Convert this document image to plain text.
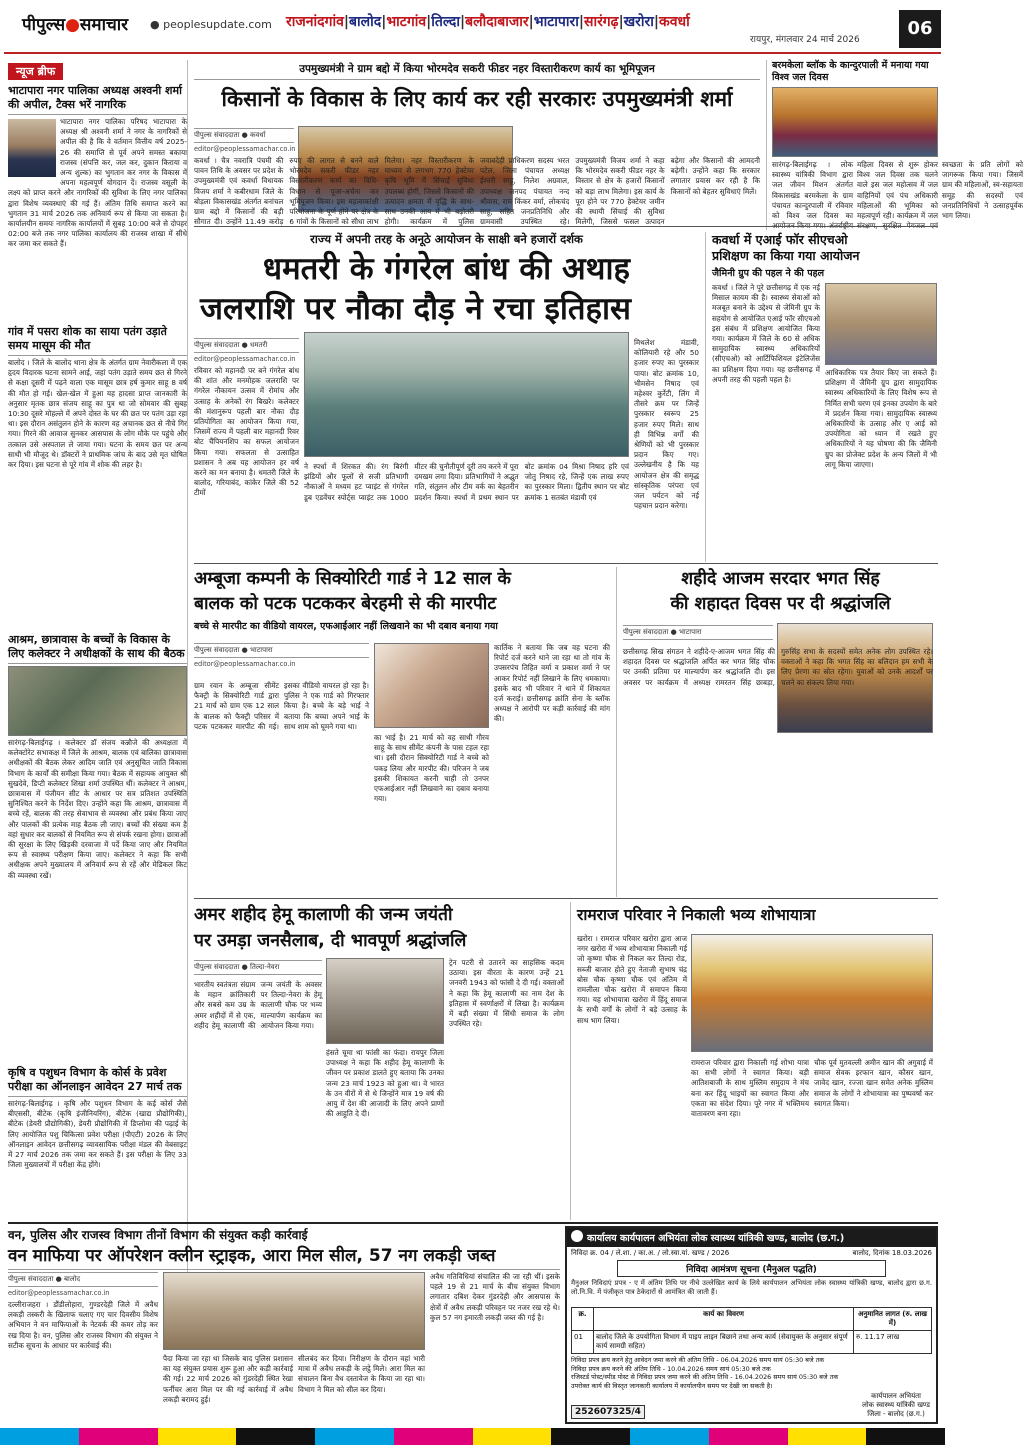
पीपुल्स●समाचार ● peoplesupdate.com राजनांदगांव|बालोद|भाटगांव|तिल्दा|बलौदाबाजार|भाटापारा|सारंगढ़|खरोरा|कवर्धा
रायपुर, मंगलवार 24 मार्च 2026
06
न्यूज ब्रीफ
भाटापारा नगर पालिका अध्यक्ष अश्वनी शर्मा की अपील, टैक्स भरें नागरिक
भाटापारा नगर पालिका परिषद भाटापारा के अध्यक्ष श्री अश्वनी शर्मा ने नगर के नागरिकों से अपील की है कि वे वर्तमान वित्तीय वर्ष 2025-26 की समाप्ति से पूर्व अपने समस्त बकाया राजस्व (संपत्ति कर, जल कर, दुकान किराया व अन्य शुल्क) का भुगतान कर नगर के विकास में अपना महत्वपूर्ण योगदान दें। राजस्व वसूली के लक्ष्य को प्राप्त करने और नागरिकों की सुविधा के लिए नगर पालिका द्वारा विशेष व्यवस्थाएं की गई हैं। अंतिम तिथि समाप्त करने का भुगतान 31 मार्च 2026 तक अनिवार्य रूप से किया जा सकता है। कार्यालयीन समयः नागरिक कार्यालयों में सुबह 10:00 बजे से दोपहर 02:00 बजे तक नगर पालिका कार्यालय की राजस्व शाखा में सीधे कर जमा कर सकते हैं।
गांव में पसरा शोक का साया पतंग उड़ाते समय मासूम की मौत
बालोद । जिले के बालोद थाना क्षेत्र के अंतर्गत ग्राम नेवारीकला में एक हृदय विदारक घटना सामने आई, जहां पतंग उड़ाते समय छत से गिरने से कक्षा दूसरी में पढ़ने वाला एक मासूम छात्र हर्ष कुमार साहू 8 वर्ष की मौत हो गई। खेल-खेल में हुआ यह हादसा प्राप्त जानकारी के अनुसार मृतक छात्र संजय साहू का पुत्र था जो सोमवार की सुबह 10:30 दूसरे मोहल्ले में अपने दोस्त के घर की छत पर पतंग उड़ा रहा था। इस दौरान असंतुलन होने के कारण वह अचानक छत से नीचे गिर गया। गिरने की आवाज सुनकर आसपास के लोग मौके पर पहुंचे और तत्काल उसे अस्पताल ले जाया गया। घटना के समय छत पर अन्य साथी भी मौजूद थे। डॉक्टरों ने प्राथमिक जांच के बाद उसे मृत घोषित कर दिया। इस घटना से पूरे गांव में शोक की लहर है।
आश्रम, छात्रावास के बच्चों के विकास के लिए कलेक्टर ने अधीक्षकों के साथ की बैठक
सारंगढ़-बिलाईगढ़ । कलेक्टर डॉ संजय कन्नौजे की अध्यक्षता में कलेक्टोरेट सभाकक्ष में जिले के आश्रम, बालक एवं बालिका छात्रावास अधीक्षकों की बैठक लेकर आदिम जाति एवं अनुसूचित जाति विकास विभाग के कार्यों की समीक्षा किया गया। बैठक में सहायक आयुक्त श्री सुखदेवे, डिप्टी कलेक्टर शिखा शर्मा उपस्थित थीं। कलेक्टर ने आश्रम, छात्रावास में पंजीयन सीट के आधार पर सत्र प्रतिशत उपस्थिति सुनिश्चित करने के निर्देश दिए। उन्होंने कहा कि आश्रम, छात्रावास में बच्चे रहें, बालक की तरह सेवाभाव से व्यवस्था और प्रबंध किया जाए और पालकों की प्रत्येक माह बैठक ली जाए। बच्चों की संख्या कम है वहां सुधार कर बालकों से नियमित रूप से संपर्क रखना होगा। छात्राओं की सुरक्षा के लिए खिड़की दरवाजा में पर्दे किया जाए और नियमित रूप से स्वास्थ्य परीक्षण किया जाए। कलेक्टर ने कहा कि सभी अधीक्षक अपने मुख्यालय में अनिवार्य रूप से रहें और मेडिकल किट की व्यवस्था रखें।
कृषि व पशुधन विभाग के कोर्स के प्रवेश परीक्षा का ऑनलाइन आवेदन 27 मार्च तक
सारंगढ़-बिलाईगढ़ । कृषि और पशुधन विभाग के कई कोर्स जैसे बीएससी, बीटेक (कृषि इंजीनियरिंग), बीटेक (खाद्य प्रौद्योगिकी), बीटेक (डेयरी प्रौद्योगिकी), डेयरी प्रौद्योगिकी में डिप्लोमा की पढ़ाई के लिए आयोजित पशु चिकित्सा प्रवेश परीक्षा (पीएटी) 2026 के लिए ऑनलाइन आवेदन छत्तीसगढ़ व्यावसायिक परीक्षा मंडल की वेबसाइट में 27 मार्च 2026 तक जमा कर सकते हैं। इस परीक्षा के लिए 33 जिला मुख्यालयों में परीक्षा केंद्र होंगे।
उपमुख्यमंत्री ने ग्राम बद्दो में किया भोरमदेव सकरी फीडर नहर विस्तारीकरण कार्य का भूमिपूजन
किसानों के विकास के लिए कार्य कर रही सरकारः उपमुख्यमंत्री शर्मा
पीपुल्स संवाददाता ● कवर्धा
editor@peoplessamachar.co.in
कवर्धा । चैत्र नवरात्रि पंचमी की पावन तिथि के अवसर पर प्रदेश के उपमुख्यमंत्री एवं कवर्धा विधायक विजय शर्मा ने कबीरधाम जिले के बोड़ला विकासखंड अंतर्गत बनांचल ग्राम बद्दो में किसानों की बड़ी सौगात दी। उन्होंने 11.49 करोड़ रुपए की लागत से बनने वाले भोरमदेव सकरी फीडर नहर विस्तारीकरण कार्य का विधि-विधान से पूजा-अर्चना कर भूमिपूजन किया। इस महत्वाकांक्षी परियोजना के पूर्ण होने पर क्षेत्र के 6 गांवों के किसानों को सीधा लाभ मिलेगा। नहर विस्तारीकरण के माध्यम से लगभग 770 हेक्टेयर कृषि भूमि में सिंचाई सुविधा उपलब्ध होगी, जिससे किसानों की उत्पादन क्षमता में वृद्धि के साथ-साथ उनकी आय में भी बढ़ोतरी होगी। कार्यक्रम में पुलिस जवाबदेही प्राधिकरण सदस्य भरत पटेल, जिला पंचायत अध्यक्ष ईश्वरी साहू, निलेश अग्रवाल, उपाध्यक्ष जनपद पंचायत नन्द श्रीवास, राम किंकर वर्मा, लोकचंद साहू, सहित जनप्रतिनिधि और ग्रामवासी उपस्थित रहे। उपमुख्यमंत्री विजय शर्मा ने कहा कि भोरमदेव सकरी फीडर नहर के विस्तार से क्षेत्र के हजारों किसानों को बड़ा लाभ मिलेगा। इस कार्य के पूरा होने पर 770 हेक्टेयर जमीन की स्थायी सिंचाई की सुविधा मिलेगी, जिससे फसल उत्पादन बढ़ेगा और किसानों की आमदनी बढ़ेगी। उन्होंने कहा कि सरकार लगातार प्रयास कर रही है कि किसानों को बेहतर सुविधाएं मिलें।
बरमकेला ब्लॉक के कान्दुरपाली में मनाया गया विश्व जल दिवस
सारंगढ़-बिलाईगढ़ । लोक स्वास्थ्य यांत्रिकी विभाग द्वारा जल जीवन मिशन अंतर्गत विकासखंड बरमकेला के ग्राम पंचायत कान्दुरपाली में रविवार को विश्व जल दिवस का महिला दिवस से शुरू होकर विश्व जल दिवस तक चलने वाले इस जल महोत्सव में जल वाहिनियों एवं पंच अधिकारी महिलाओं की भूमिका को महत्वपूर्ण रही। कार्यक्रम में जल स्वच्छता के प्रति लोगों को जागरूक किया गया। जिसमें ग्राम की महिलाओं, स्व-सहायता समूह की सदस्यों एवं जनप्रतिनिधियों ने उत्साहपूर्वक भाग लिया।
राज्य में अपनी तरह के अनूठे आयोजन के साक्षी बने हजारों दर्शक
धमतरी के गंगरेल बांध की अथाह
जलराशि पर नौका दौड़ ने रचा इतिहास
पीपुल्स संवाददाता ● धमतरी
editor@peoplessamachar.co.in
रविवार को महानदी पर बने गंगरेल बांध की शांत और मनमोहक जलराशि पर गंगरेल नौकायन उत्सव में रोमांच और उत्साह के अनेकों रंग बिखरे। कलेक्टर की मंशानुरूप पहली बार नौका दौड़ प्रतियोगिता का आयोजन किया गया, जिसमें राज्य में पहली बार महानदी रिवर बोट चैंपियनशिप का सफल आयोजन किया गया। सफलता से उत्साहित प्रशासन ने अब यह आयोजन हर वर्ष करने का मन बनाया है। धमतरी जिले के बालोद, गरियाबंद, कांकेर जिले की 52 टीमों
ने स्पर्धा में शिरकत की। रंग बिरंगी झंडियों और फूलों से सजी प्रतिभागी नौकाओं ने मध्यम हट प्वाइंट से गंगरेल डूब एडवेंचर स्पोर्ट्स प्वाइंट तक 1000 मीटर की चुनौतीपूर्ण दूरी तय करने में पूरा दमखम लगा दिया। प्रतिभागियों ने अद्भुत गति, संतुलन और टीम वर्क का बेहतरीन प्रदर्शन किया। स्पर्धा में प्रथम स्थान पर बोट क्रमांक 04 मिश्रा निषाद हरि एवं जोतु निषाद रहे, जिन्हें एक लाख रुपए का पुरस्कार मिला। द्वितीय स्थान पर बोट क्रमांक 1 सतबंत मंडावी एवं
मिथलेश मंडावी, कोलियारी रहे और 50 हजार रुपए का पुरस्कार पाया। बोट क्रमांक 10, भीमसेन निषाद एवं महेश्वर कुर्रेटी, लिंग में तीसरे क्रम पर जिन्हें पुरस्कार स्वरूप 25 हजार रुपए मिले। साथ ही विभिन्न वर्गों की श्रेणियों को भी पुरस्कार प्रदान किए गए। उल्लेखनीय है कि यह आयोजन क्षेत्र की समृद्ध सांस्कृतिक परंपरा एवं जल पर्यटन को नई पहचान प्रदान करेगा।
कवर्धा में एआई फॉर सीएचओ
प्रशिक्षण का किया गया आयोजन
जैमिनी ग्रुप की पहल ने की पहल
कवर्धा । जिले ने पूरे छत्तीसगढ़ में एक नई मिसाल कायम की है। स्वास्थ्य सेवाओं को मजबूत बनाने के उद्देश्य से जेमिनी ग्रुप के सहयोग से आयोजित एआई फॉर सीएचओ इस संबंध में प्रशिक्षण आयोजित किया गया। कार्यक्रम में जिले के 60 से अधिक सामुदायिक स्वास्थ्य अधिकारियों (सीएचओ) को आर्टिफिशियल इंटेलिजेंस का प्रशिक्षण दिया गया। यह छत्तीसगढ़ में अपनी तरह की पहली पहल है।
आधिकारिक पत्र तैयार किए जा सकते हैं। प्रशिक्षण में जैमिनी ग्रुप द्वारा सामुदायिक स्वास्थ्य अधिकारियों के लिए विशेष रूप से निर्मित सभी चरण एवं इनका उपयोग के बारे में प्रदर्शन किया गया। सामुदायिक स्वास्थ्य अधिकारियों के उत्साह और ए आई को उपयोगिता को ध्यान में रखते हुए अधिकारियों ने यह घोषणा की कि जैमिनी ग्रुप का प्रोजेक्ट प्रदेश के अन्य जिलों में भी लागू किया जाएगा।
अम्बूजा कम्पनी के सिक्योरिटी गार्ड ने 12 साल के
बालक को पटक पटककर बेरहमी से की मारपीट
बच्चे से मारपीट का वीडियो वायरल, एफआईआर नहीं लिखवाने का भी दबाव बनाया गया
पीपुल्स संवाददाता ● भाटापारा
editor@peoplessamachar.co.in
ग्राम रवान के अम्बूजा सीमेंट फैक्ट्री के सिक्योरिटी गार्ड द्वारा 21 मार्च को ग्राम एक 12 साल के बालक को फैक्ट्री परिसर में पटक पटककर मारपीट की गई। इसका वीडियो वायरल हो रहा है। पुलिस ने एक गार्ड को गिरफ्तार किया है। बच्चे के बड़े भाई ने बताया कि बच्चा अपने भाई के साथ शाम को घूमने गया था।
का भाई है। 21 मार्च को वह साथी गौरव साहू के साथ सीमेंट कंपनी के पास टहल रहा था। इसी दौरान सिक्योरिटी गार्ड ने बच्चे को पकड़ लिया और मारपीट की। परिजन ने जब इसकी शिकायत करनी चाही तो उनपर एफआईआर नहीं लिखवाने का दबाव बनाया गया।
कार्तिक ने बताया कि जब वह घटना की रिपोर्ट दर्ज करने थाने जा रहा था तो गांव के उपसरपंच तिहित वर्मा व प्रकाश वर्मा ने पर आकर रिपोर्ट नहीं लिखाने के लिए धमकाया। इसके बाद भी परिवार ने थाने में शिकायत दर्ज कराई। छत्तीसगढ़ क्रांति सेना के ब्लॉक अध्यक्ष ने आरोपी पर कड़ी कार्रवाई की मांग की।
शहीदे आजम सरदार भगत सिंह
की शहादत दिवस पर दी श्रद्धांजलि
पीपुल्स संवाददाता ● भाटापारा
छत्तीसगढ़ सिख संगठन ने शहीदे-ए-आजम भगत सिंह की शहादत दिवस पर श्रद्धांजलि अर्पित कर भगत सिंह चौक पर उनकी प्रतिमा पर माल्यार्पण कर श्रद्धांजलि दी। इस अवसर पर कार्यक्रम में अध्यक्ष रामरतन सिंह छाबड़ा, गुरुसिंह सभा के सदस्यों समेत अनेक लोग उपस्थित रहे। वक्ताओं ने कहा कि भगत सिंह का बलिदान हम सभी के लिए प्रेरणा का स्रोत रहेगा। युवाओं को उनके आदर्शों पर चलने का संकल्प लिया गया।
अमर शहीद हेमू कालाणी की जन्म जयंती
पर उमड़ा जनसैलाब, दी भावपूर्ण श्रद्धांजलि
पीपुल्स संवाददाता ● तिल्दा-नेवरा
भारतीय स्वतंत्रता संग्राम के महान क्रांतिकारी और सबसे कम उम्र के अमर शहीदों में से एक, शहीद हेमू कालाणी की जन्म जयंती के अवसर पर तिल्दा-नेवरा के हेमू कालाणी चौक पर भव्य माल्यार्पण कार्यक्रम का आयोजन किया गया।
हंसते चूमा था फांसी का फंदा। रायपुर जिला उपाध्यक्ष ने कहा कि शहीद हेमू कालाणी के जीवन पर प्रकाश डालते हुए बताया कि उनका जन्म 23 मार्च 1923 को हुआ था। वे भारत के उन वीरों में से थे जिन्होंने मात्र 19 वर्ष की आयु में देश की आजादी के लिए अपने प्राणों की आहुति दे दी।
ट्रेन पटरी से उतारने का साहसिक कदम उठाया। इस वीरता के कारण उन्हें 21 जनवरी 1943 को फांसी दे दी गई। वक्ताओं ने कहा कि हेमू कालाणी का नाम देश के इतिहास में स्वर्णाक्षरों में लिखा है। कार्यक्रम में बड़ी संख्या में सिंधी समाज के लोग उपस्थित रहे।
रामराज परिवार ने निकाली भव्य शोभायात्रा
खरोरा । रामराज परिवार खरोरा द्वारा आज नगर खरोरा में भव्य शोभायात्रा निकाली गई जो कृष्णा चौक से निकल कर तिल्दा रोड, सब्जी बाजार होते हुए नेताजी सुभाष चंद्र बोस चौक कृष्णा चौक एवं अंतिम में रामलीला चौक खरोरा में समापन किया गया। यह शोभायात्रा खरोरा में हिंदू समाज के सभी वर्गों के लोगों ने बड़े उत्साह के साथ भाग लिया।
रामराज परिवार द्वारा निकाली गई शोभा यात्रा का सभी लोगों ने स्वागत किया। बड़ी आतिशबाजी के साथ मुस्लिम समुदाय ने मंच बना कर हिंदू भाइयों का स्वागत किया और एकता का संदेश दिया। पूरे नगर में भक्तिमय वातावरण बना रहा।
चौक पूर्व मुतवल्ली अमीन खान की अगुवाई में समाज सेवक इरफान खान, कौसर खान, जावेद खान, रज्जा खान समेत अनेक मुस्लिम समाज के लोगों ने शोभायात्रा का पुष्पवर्षा कर स्वागत किया।
वन, पुलिस और राजस्व विभाग तीनों विभाग की संयुक्त कड़ी कार्रवाई
वन माफिया पर ऑपरेशन क्लीन स्ट्राइक, आरा मिल सील, 57 नग लकड़ी जब्त
पीपुल्स संवाददाता ● बालोद
editor@peoplessamachar.co.in
दल्लीराजहरा । डौंडीलोहारा, गुण्डरदेही जिले में अवैध लकड़ी तस्करी के खिलाफ चलाए गए चार दिवसीय विशेष अभियान ने वन माफियाओं के नेटवर्क की कमर तोड़ कर रख दिया है। वन, पुलिस और राजस्व विभाग की संयुक्त ने सटीक सूचना के आधार पर कार्रवाई की।
पैदा किया जा रहा था जिसके बाद पुलिस प्रशासन का यह संयुक्त प्रयास शुरू हुआ और कड़ी कार्रवाई की गई। 22 मार्च 2026 को गुंडरदेही स्थित रेखा फर्नीचर आरा मिल पर की गई कार्रवाई में अवैध लकड़ी बरामद हुई।
सीलबंद कर दिया। निरीक्षण के दौरान वहां भारी मात्रा में अवैध लकड़ी के लट्ठे मिले। आरा मिल का संचालन बिना वैध दस्तावेज के किया जा रहा था। विभाग ने मिल को सील कर दिया।
अवैध गतिविधियां संचालित की जा रही थीं। इसके पहले 19 से 21 मार्च के बीच संयुक्त विभाग लगातार दबिश देकर गुंडरदेही और आसपास के क्षेत्रों में अवैध लकड़ी परिवहन पर नजर रख रहे थे। कुल 57 नग इमारती लकड़ी जब्त की गई है।
कार्यालय कार्यपालन अभियंता लोक स्वास्थ्य यांत्रिकी खण्ड, बालोद (छ.ग.)
निविदा क्र. 04 / ले.शा. / का.अ. / लो.स्वा.यां. खण्ड / 2026	बालोद, दिनांक 18.03.2026
निविदा आमंत्रण सूचना (मैनुअल पद्धति)
मैनुअल निविदाएं प्रपत्र - ए में अंतिम तिथि पर नीचे उल्लेखित कार्य के लिये कार्यपालन अभियंता लोक स्वास्थ्य यांत्रिकी खण्ड, बालोद द्वारा छ.ग. लो.नि.वि. में पंजीकृत पात्र ठेकेदारों से आमंत्रित की जाती हैं।
क्र.	कार्य का विवरण	अनुमानित लागत (रु. लाख में)
01	बालोद जिले के उपयोगिता विभाग में पाइप लाइन बिछाने तथा अन्य कार्य (सेवायुक्त के अनुसार संपूर्ण कार्य सामग्री सहित)	रु. 11.17 लाख
निविदा प्रपत्र क्रय करने हेतु आवेदन जमा करने की अंतिम तिथि - 06.04.2026 समय सायं 05:30 बजे तक
निविदा प्रपत्र क्रय करने की अंतिम तिथि - 10.04.2026 समय सायं 05:30 बजे तक
रजिस्टर्ड पोस्ट/स्पीड पोस्ट से निविदा प्रपत्र जमा करने की अंतिम तिथि - 16.04.2026 समय सायं 05:30 बजे तक
उपरोक्त कार्य की विस्तृत जानकारी कार्यालय में कार्यालयीन समय पर देखी जा सकती है।
252607325/4
कार्यपालन अभियंता
लोक स्वास्थ्य यांत्रिकी खण्ड
जिला - बालोद (छ.ग.)
